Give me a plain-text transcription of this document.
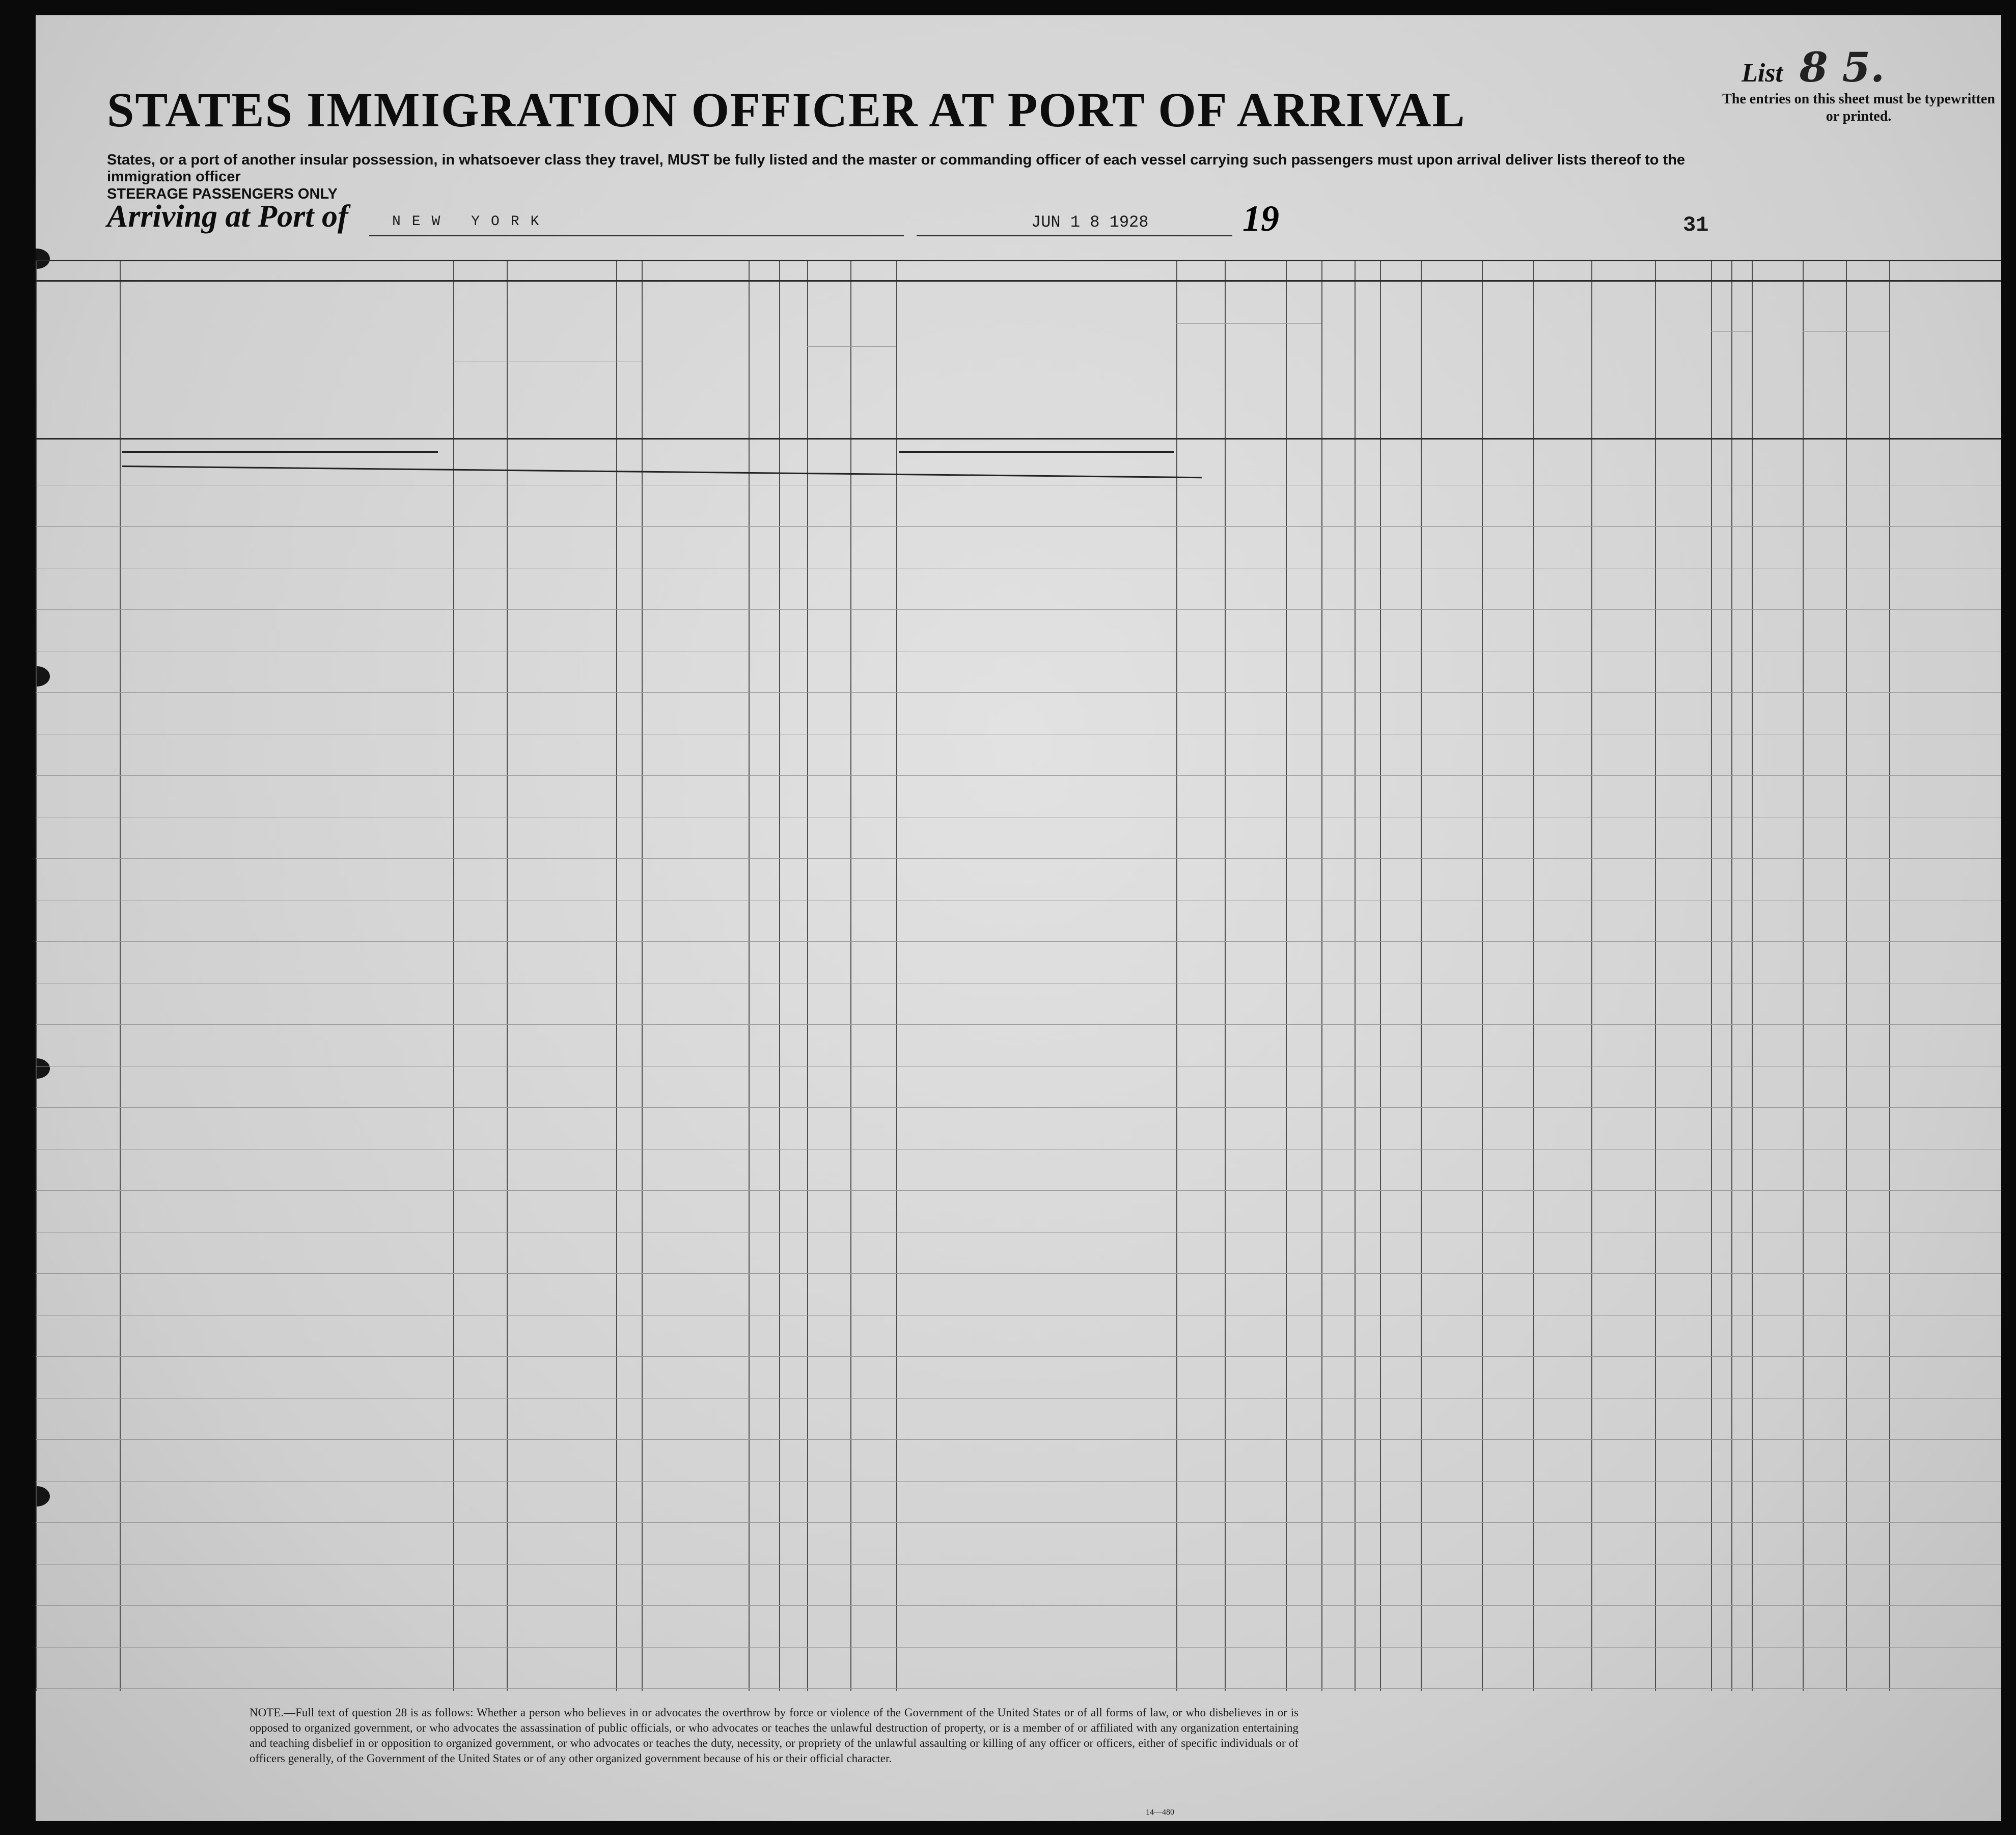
List 8 5.
The entries on this sheet must be typewritten or printed.
STATES IMMIGRATION OFFICER AT PORT OF ARRIVAL
States, or a port of another insular possession, in whatsoever class they travel, MUST be fully listed and the master or commanding officer of each vessel carrying such passengers must upon arrival deliver lists thereof to the immigration officer
STEERAGE PASSENGERS ONLY
Arriving at Port of	NEW YORK	JUN 1 8 1928	19	31
NOTE.—Full text of question 28 is as follows: Whether a person who believes in or advocates the overthrow by force or violence of the Government of the United States or of all forms of law, or who disbelieves in or is opposed to organized government, or who advocates the assassination of public officials, or who advocates or teaches the unlawful destruction of property, or is a member of or affiliated with any organization entertaining and teaching disbelief in or opposition to organized government, or who advocates or teaches the duty, necessity, or propriety of the unlawful assaulting or killing of any officer or officers, either of specific individuals or of officers generally, of the Government of the United States or of any other organized government because of his or their official character.
14—480
